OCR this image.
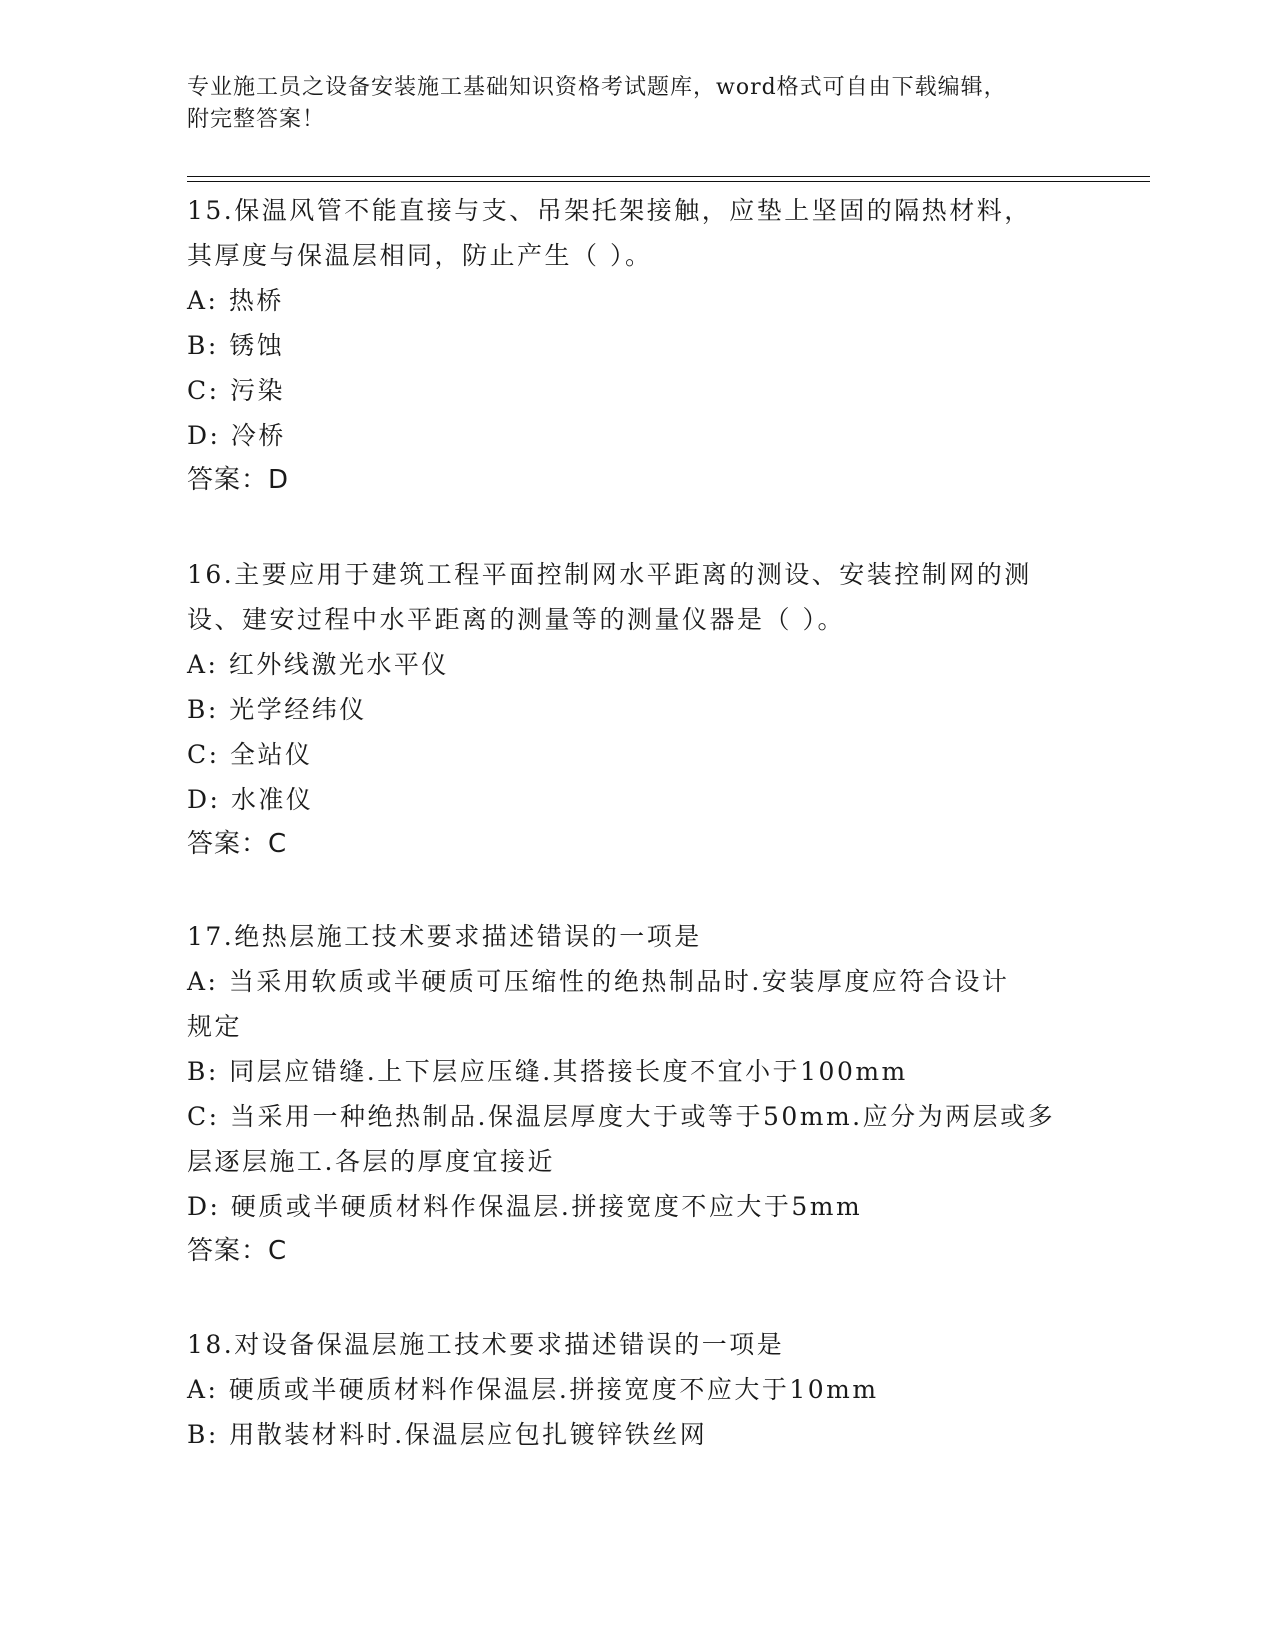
专业施工员之设备安装施工基础知识资格考试题库，word格式可自由下载编辑，
附完整答案！
15.保温风管不能直接与支、吊架托架接触，应垫上坚固的隔热材料，
其厚度与保温层相同，防止产生（ ）。
A: 热桥
B: 锈蚀
C: 污染
D: 冷桥
答案：D
16.主要应用于建筑工程平面控制网水平距离的测设、安装控制网的测
设、建安过程中水平距离的测量等的测量仪器是（ ）。
A: 红外线激光水平仪
B: 光学经纬仪
C: 全站仪
D: 水准仪
答案：C
17.绝热层施工技术要求描述错误的一项是
A: 当采用软质或半硬质可压缩性的绝热制品时.安装厚度应符合设计
规定
B: 同层应错缝.上下层应压缝.其搭接长度不宜小于100mm
C: 当采用一种绝热制品.保温层厚度大于或等于50mm.应分为两层或多
层逐层施工.各层的厚度宜接近
D: 硬质或半硬质材料作保温层.拼接宽度不应大于5mm
答案：C
18.对设备保温层施工技术要求描述错误的一项是
A: 硬质或半硬质材料作保温层.拼接宽度不应大于10mm
B: 用散装材料时.保温层应包扎镀锌铁丝网
